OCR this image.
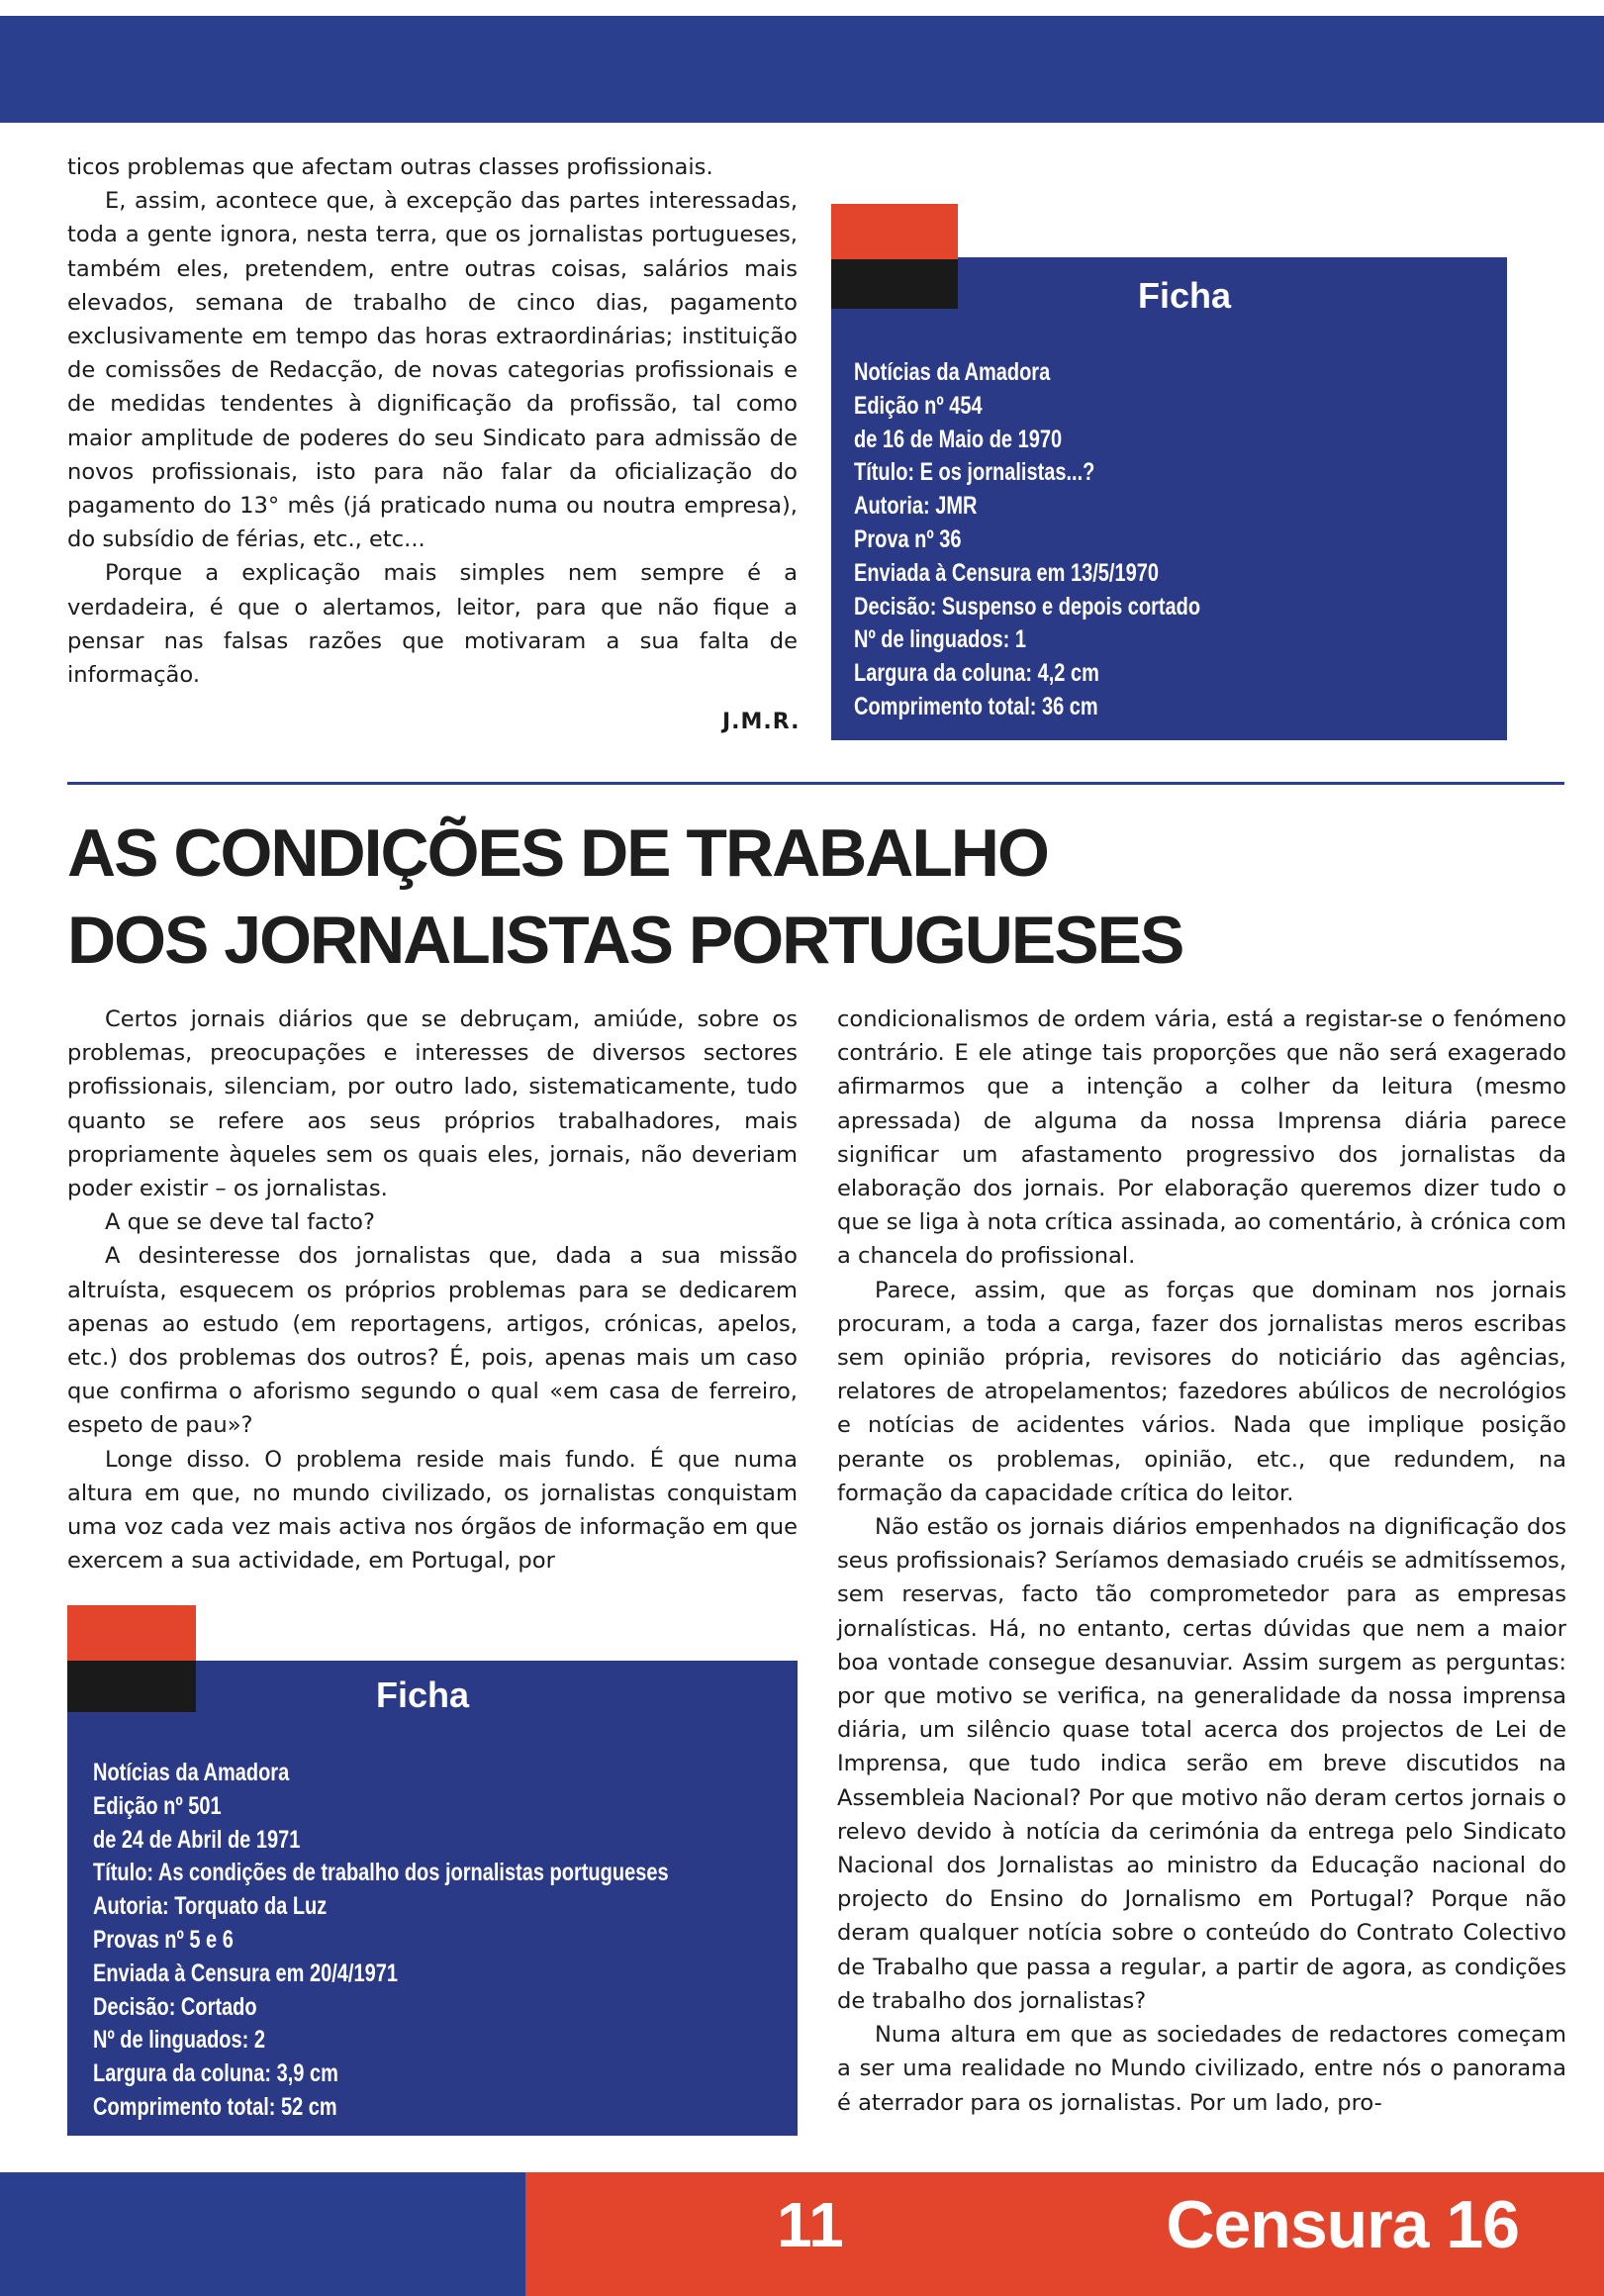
ticos problemas que afectam outras classes profissionais.

E, assim, acontece que, à excepção das partes interessadas, toda a gente ignora, nesta terra, que os jornalistas portugueses, também eles, pretendem, entre outras coisas, salários mais elevados, semana de trabalho de cinco dias, pagamento exclusivamente em tempo das horas extraordinárias; instituição de comissões de Redacção, de novas categorias profissionais e de medidas tendentes à dignificação da profissão, tal como maior amplitude de poderes do seu Sindicato para admissão de novos profissionais, isto para não falar da oficialização do pagamento do 13° mês (já praticado numa ou noutra empresa), do subsídio de férias, etc., etc...

Porque a explicação mais simples nem sempre é a verdadeira, é que o alertamos, leitor, para que não fique a pensar nas falsas razões que motivaram a sua falta de informação.

J.M.R.
Ficha
Notícias da Amadora
Edição nº 454
de 16 de Maio de 1970
Título: E os jornalistas...?
Autoria: JMR
Prova nº 36
Enviada à Censura em 13/5/1970
Decisão: Suspenso e depois cortado
Nº de linguados: 1
Largura da coluna: 4,2 cm
Comprimento total: 36 cm
AS CONDIÇÕES DE TRABALHO
DOS JORNALISTAS PORTUGUESES

Certos jornais diários que se debruçam, amiúde, sobre os problemas, preocupações e interesses de diversos sectores profissionais, silenciam, por outro lado, sistematicamente, tudo quanto se refere aos seus próprios trabalhadores, mais propriamente àqueles sem os quais eles, jornais, não deveriam poder existir – os jornalistas.

A que se deve tal facto?

A desinteresse dos jornalistas que, dada a sua missão altruísta, esquecem os próprios problemas para se dedicarem apenas ao estudo (em reportagens, artigos, crónicas, apelos, etc.) dos problemas dos outros? É, pois, apenas mais um caso que confirma o aforismo segundo o qual «em casa de ferreiro, espeto de pau»?

Longe disso. O problema reside mais fundo. É que numa altura em que, no mundo civilizado, os jornalistas conquistam uma voz cada vez mais activa nos órgãos de informação em que exercem a sua actividade, em Portugal, por

condicionalismos de ordem vária, está a registar-se o fenómeno contrário. E ele atinge tais proporções que não será exagerado afirmarmos que a intenção a colher da leitura (mesmo apressada) de alguma da nossa Imprensa diária parece significar um afastamento progressivo dos jornalistas da elaboração dos jornais. Por elaboração queremos dizer tudo o que se liga à nota crítica assinada, ao comentário, à crónica com a chancela do profissional.

Parece, assim, que as forças que dominam nos jornais procuram, a toda a carga, fazer dos jornalistas meros escribas sem opinião própria, revisores do noticiário das agências, relatores de atropelamentos; fazedores abúlicos de necrológios e notícias de acidentes vários. Nada que implique posição perante os problemas, opinião, etc., que redundem, na formação da capacidade crítica do leitor.

Não estão os jornais diários empenhados na dignificação dos seus profissionais? Seríamos demasiado cruéis se admitíssemos, sem reservas, facto tão comprometedor para as empresas jornalísticas. Há, no entanto, certas dúvidas que nem a maior boa vontade consegue desanuviar. Assim surgem as perguntas: por que motivo se verifica, na generalidade da nossa imprensa diária, um silêncio quase total acerca dos projectos de Lei de Imprensa, que tudo indica serão em breve discutidos na Assembleia Nacional? Por que motivo não deram certos jornais o relevo devido à notícia da cerimónia da entrega pelo Sindicato Nacional dos Jornalistas ao ministro da Educação nacional do projecto do Ensino do Jornalismo em Portugal? Porque não deram qualquer notícia sobre o conteúdo do Contrato Colectivo de Trabalho que passa a regular, a partir de agora, as condições de trabalho dos jornalistas?

Numa altura em que as sociedades de redactores começam a ser uma realidade no Mundo civilizado, entre nós o panorama é aterrador para os jornalistas. Por um lado, pro-

Ficha
Notícias da Amadora
Edição nº 501
de 24 de Abril de 1971
Título: As condições de trabalho dos jornalistas portugueses
Autoria: Torquato da Luz
Provas nº 5 e 6
Enviada à Censura em 20/4/1971
Decisão: Cortado
Nº de linguados: 2
Largura da coluna: 3,9 cm
Comprimento total: 52 cm
11	Censura 16
